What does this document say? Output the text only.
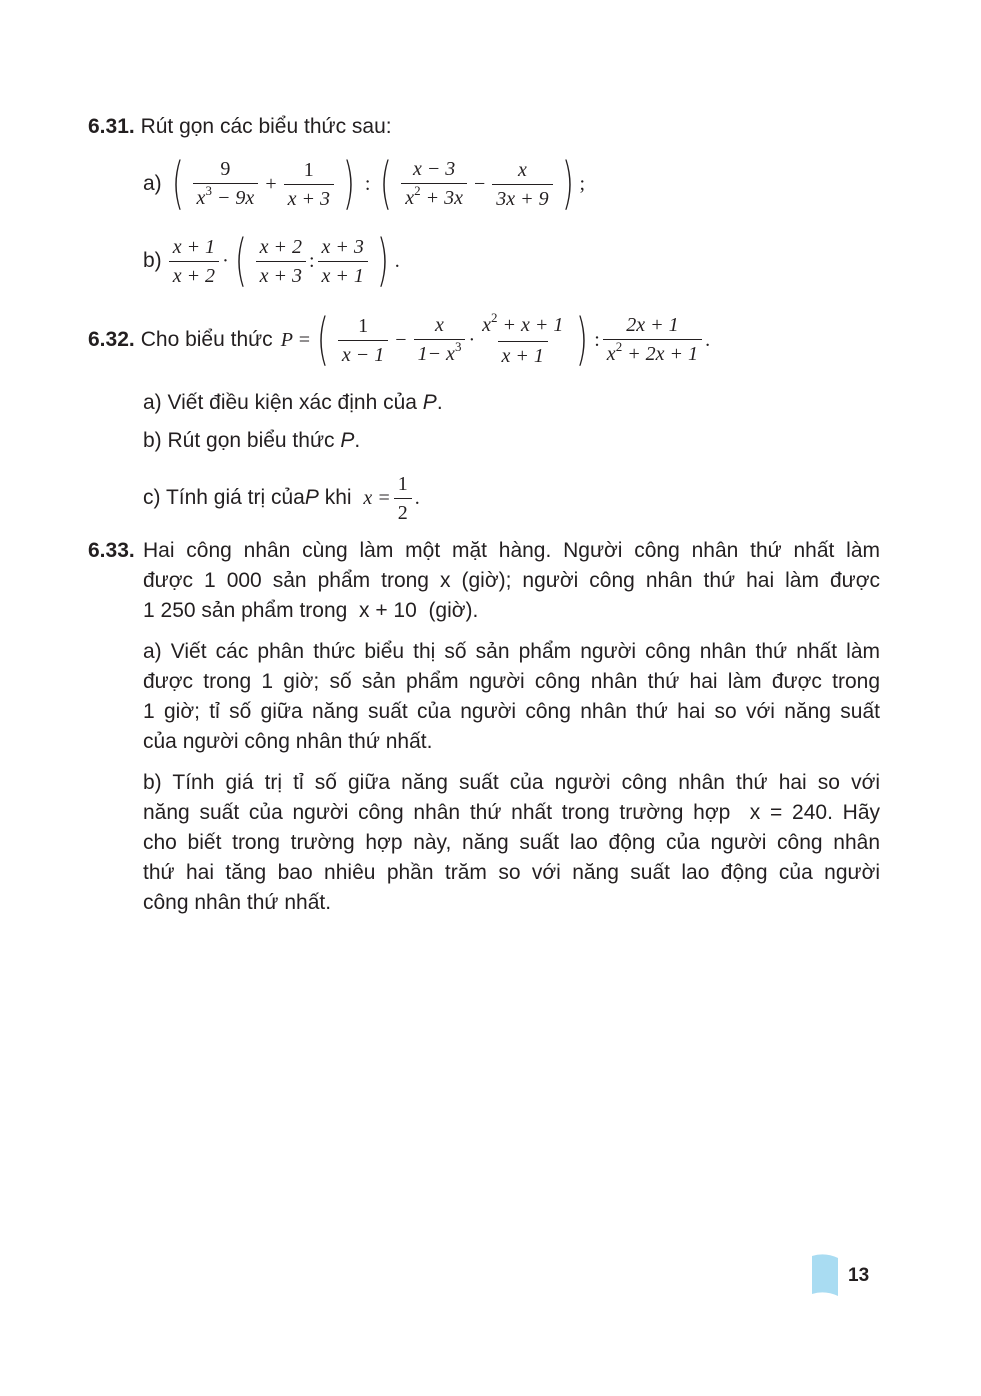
6.31. Rút gọn các biểu thức sau:
a) ( $\frac{9}{x^3 - 9x} + \frac{1}{x + 3}$ ) : ( $\frac{x - 3}{x^2 + 3x} - \frac{x}{3x + 9}$ ) ;
$b) \frac{x + 1}{x + 2}$ · ( $\frac{x + 2}{x + 3}$ : $\frac{x + 3}{x + 1}$ ) .
6.32. Cho biểu thức P = ( $\frac{1}{x - 1} - \frac{x}{1- x^3} \cdot \frac{x^2 + x + 1}{x + 1}$ ) : $\frac{2x + 1}{x^2 + 2x + 1}$ .
a) Viết điều kiện xác định của P.
b) Rút gọn biểu thức P.
c) Tính giá trị của P khi $x = \frac{1}{2}$ .
6.33. Hai công nhân cùng làm một mặt hàng. Người công nhân thứ nhất làm
được 1 000 sản phẩm trong x (giờ); người công nhân thứ hai làm được
1 250 sản phẩm trong  x + 10  (giờ).
a) Viết các phân thức biểu thị số sản phẩm người công nhân thứ nhất làm
được trong 1 giờ; số sản phẩm người công nhân thứ hai làm được trong
1 giờ; tỉ số giữa năng suất của người công nhân thứ hai so với năng suất
của người công nhân thứ nhất.
b) Tính giá trị tỉ số giữa năng suất của người công nhân thứ hai so với
năng suất của người công nhân thứ nhất trong trường hợp  x = 240. Hãy
cho biết trong trường hợp này, năng suất lao động của người công nhân
thứ hai tăng bao nhiêu phần trăm so với năng suất lao động của người
công nhân thứ nhất.
13
